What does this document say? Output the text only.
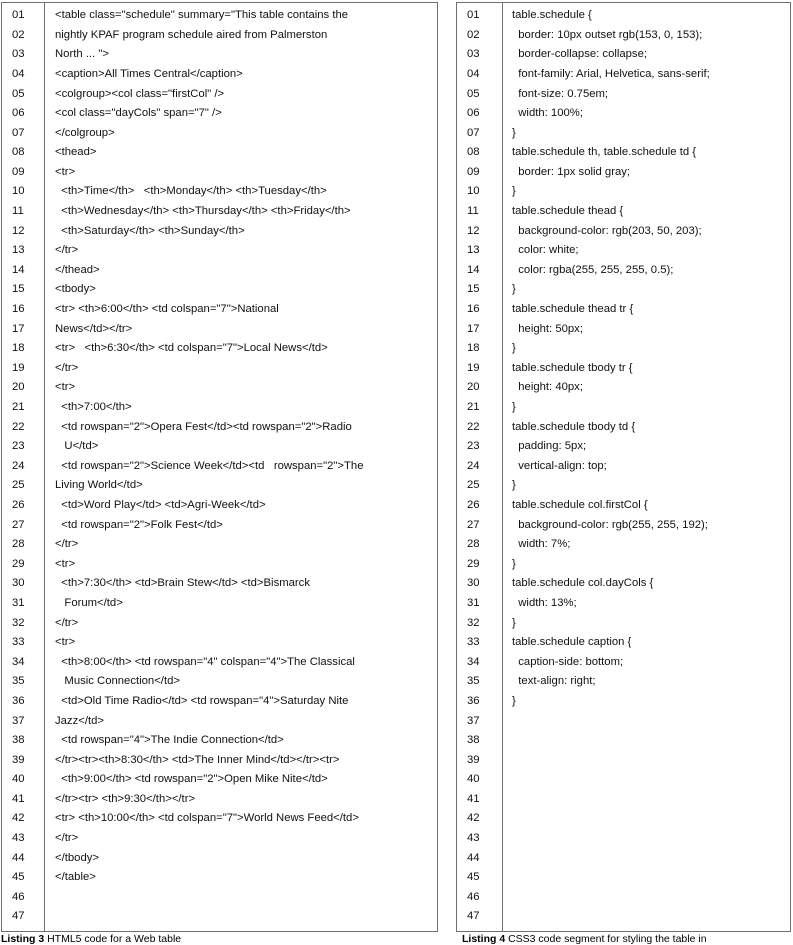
01	<table class="schedule" summary="This table contains the
02	nightly KPAF program schedule aired from Palmerston
03	North ... ">
04	<caption>All Times Central</caption>
05	<colgroup><col class="firstCol" />
06	<col class="dayCols" span="7" />
07	</colgroup>
08	<thead>
09	<tr>
10	<th>Time</th>   <th>Monday</th> <th>Tuesday</th>
11	<th>Wednesday</th> <th>Thursday</th> <th>Friday</th>
12	<th>Saturday</th> <th>Sunday</th>
13	</tr>
14	</thead>
15	<tbody>
16	<tr> <th>6:00</th> <td colspan="7">National
17	News</td></tr>
18	<tr>   <th>6:30</th> <td colspan="7">Local News</td>
19	</tr>
20	<tr>
21	<th>7:00</th>
22	<td rowspan="2">Opera Fest</td><td rowspan="2">Radio
23	U</td>
24	<td rowspan="2">Science Week</td><td   rowspan="2">The
25	Living World</td>
26	<td>Word Play</td> <td>Agri-Week</td>
27	<td rowspan="2">Folk Fest</td>
28	</tr>
29	<tr>
30	<th>7:30</th> <td>Brain Stew</td> <td>Bismarck
31	Forum</td>
32	</tr>
33	<tr>
34	<th>8:00</th> <td rowspan="4" colspan="4">The Classical
35	Music Connection</td>
36	<td>Old Time Radio</td> <td rowspan="4">Saturday Nite
37	Jazz</td>
38	<td rowspan="4">The Indie Connection</td>
39	</tr><tr><th>8:30</th> <td>The Inner Mind</td></tr><tr>
40	<th>9:00</th> <td rowspan="2">Open Mike Nite</td>
41	</tr><tr> <th>9:30</th></tr>
42	<tr> <th>10:00</th> <td colspan="7">World News Feed</td>
43	</tr>
44	</tbody>
45	</table>
46
47
01	table.schedule {
02	border: 10px outset rgb(153, 0, 153);
03	border-collapse: collapse;
04	font-family: Arial, Helvetica, sans-serif;
05	font-size: 0.75em;
06	width: 100%;
07	}
08	table.schedule th, table.schedule td {
09	border: 1px solid gray;
10	}
11	table.schedule thead {
12	background-color: rgb(203, 50, 203);
13	color: white;
14	color: rgba(255, 255, 255, 0.5);
15	}
16	table.schedule thead tr {
17	height: 50px;
18	}
19	table.schedule tbody tr {
20	height: 40px;
21	}
22	table.schedule tbody td {
23	padding: 5px;
24	vertical-align: top;
25	}
26	table.schedule col.firstCol {
27	background-color: rgb(255, 255, 192);
28	width: 7%;
29	}
30	table.schedule col.dayCols {
31	width: 13%;
32	}
33	table.schedule caption {
34	caption-side: bottom;
35	text-align: right;
36	}
37
38
39
40
41
42
43
44
45
46
47
Listing 3 HTML5 code for a Web table	Listing 4 CSS3 code segment for styling the table in
